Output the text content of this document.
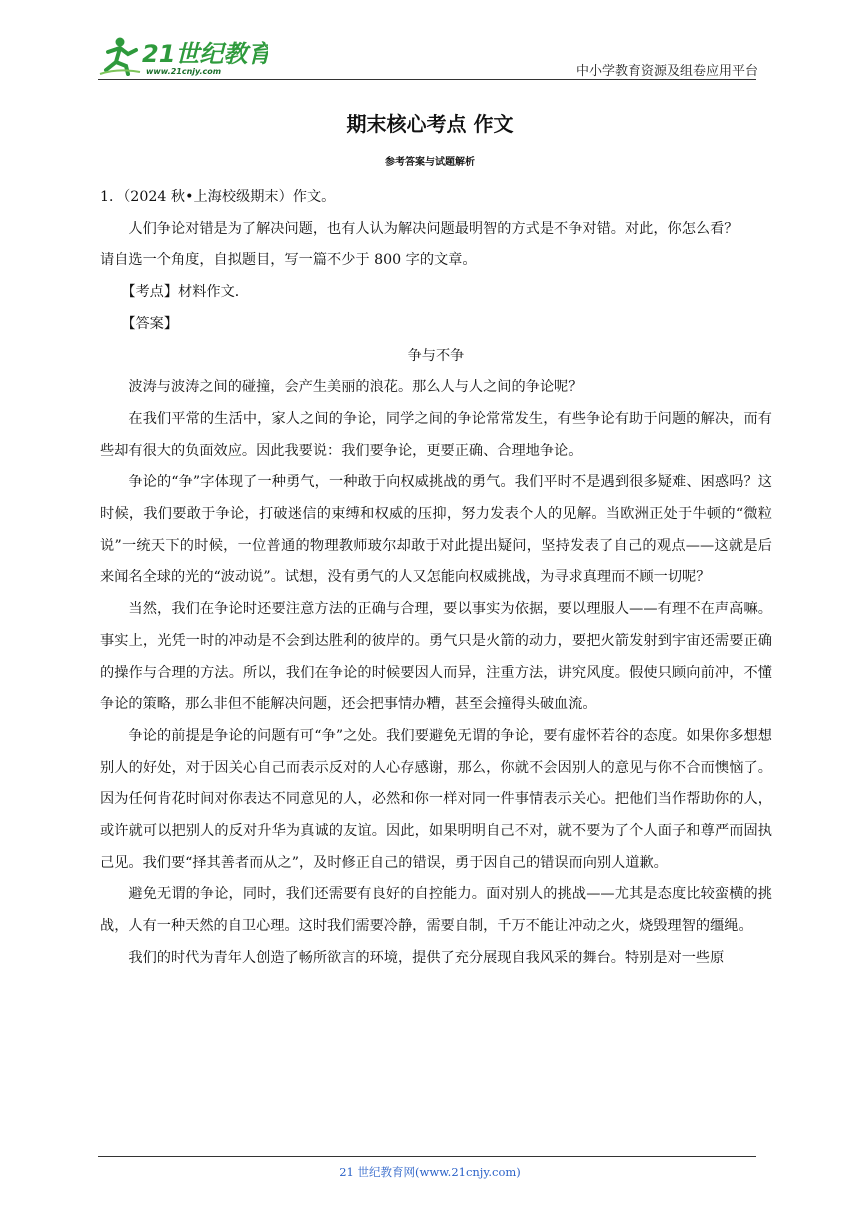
21世纪教育
www.21cnjy.com	中小学教育资源及组卷应用平台
期末核心考点 作文
参考答案与试题解析

1．（2024 秋•上海校级期末）作文。

人们争论对错是为了解决问题，也有人认为解决问题最明智的方式是不争对错。对此，你怎么看？

请自选一个角度，自拟题目，写一篇不少于 800 字的文章。

【考点】材料作文．

【答案】

争与不争

波涛与波涛之间的碰撞，会产生美丽的浪花。那么人与人之间的争论呢？

在我们平常的生活中，家人之间的争论，同学之间的争论常常发生，有些争论有助于问题的解决，而有些却有很大的负面效应。因此我要说：我们要争论，更要正确、合理地争论。

争论的“争”字体现了一种勇气，一种敢于向权威挑战的勇气。我们平时不是遇到很多疑难、困惑吗？这时候，我们要敢于争论，打破迷信的束缚和权威的压抑，努力发表个人的见解。当欧洲正处于牛顿的“微粒说”一统天下的时候，一位普通的物理教师玻尔却敢于对此提出疑问，坚持发表了自己的观点——这就是后来闻名全球的光的“波动说”。试想，没有勇气的人又怎能向权威挑战，为寻求真理而不顾一切呢？

当然，我们在争论时还要注意方法的正确与合理，要以事实为依据，要以理服人——有理不在声高嘛。事实上，光凭一时的冲动是不会到达胜利的彼岸的。勇气只是火箭的动力，要把火箭发射到宇宙还需要正确的操作与合理的方法。所以，我们在争论的时候要因人而异，注重方法，讲究风度。假使只顾向前冲，不懂争论的策略，那么非但不能解决问题，还会把事情办糟，甚至会撞得头破血流。

争论的前提是争论的问题有可“争”之处。我们要避免无谓的争论，要有虚怀若谷的态度。如果你多想想别人的好处，对于因关心自己而表示反对的人心存感谢，那么，你就不会因别人的意见与你不合而懊恼了。因为任何肯花时间对你表达不同意见的人，必然和你一样对同一件事情表示关心。把他们当作帮助你的人，或许就可以把别人的反对升华为真诚的友谊。因此，如果明明自己不对，就不要为了个人面子和尊严而固执己见。我们要“择其善者而从之”，及时修正自己的错误，勇于因自己的错误而向别人道歉。

避免无谓的争论，同时，我们还需要有良好的自控能力。面对别人的挑战——尤其是态度比较蛮横的挑战，人有一种天然的自卫心理。这时我们需要冷静，需要自制，千万不能让冲动之火，烧毁理智的缰绳。

我们的时代为青年人创造了畅所欲言的环境，提供了充分展现自我风采的舞台。特别是对一些原

21 世纪教育网(www.21cnjy.com)
